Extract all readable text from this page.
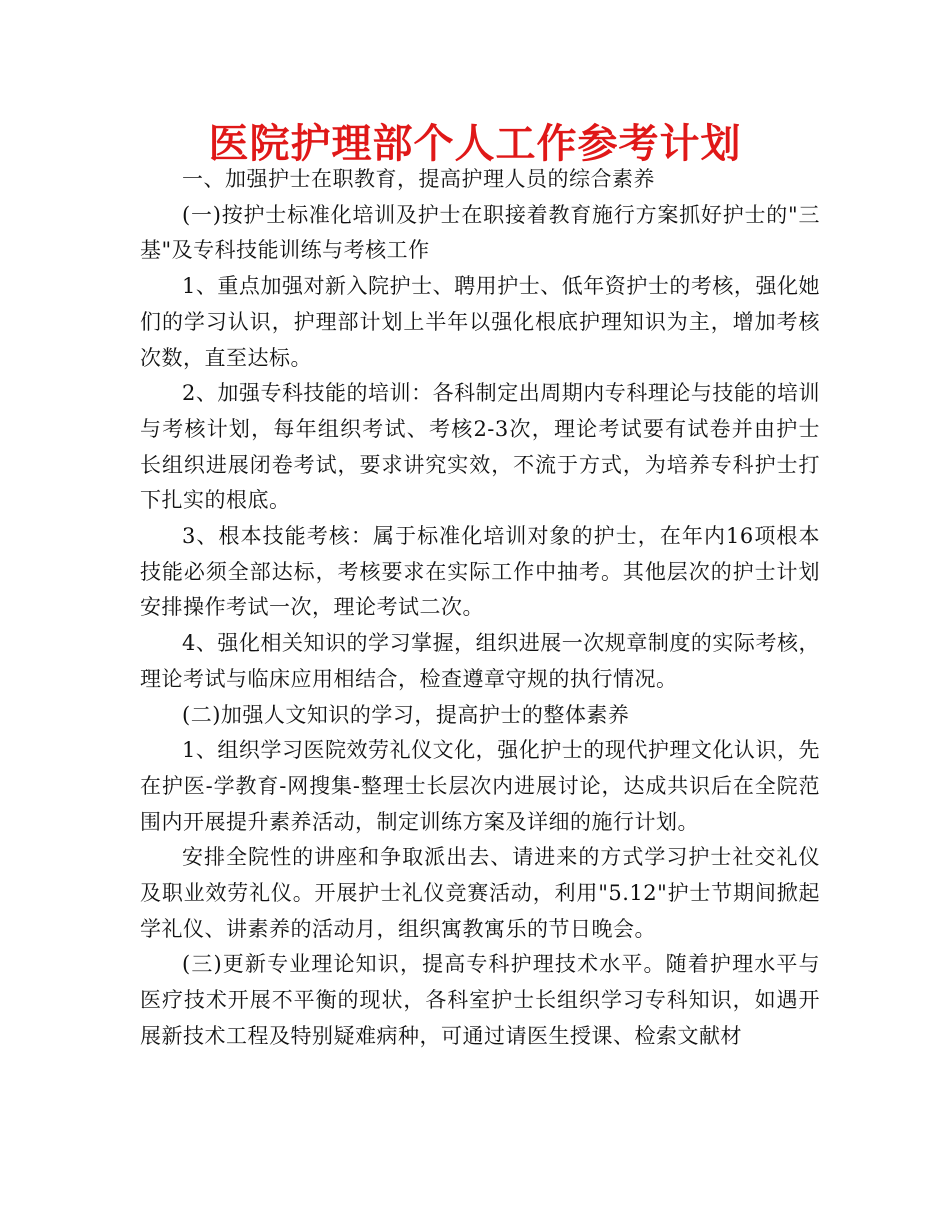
医院护理部个人工作参考计划

一、加强护士在职教育，提高护理人员的综合素养

(一)按护士标准化培训及护士在职接着教育施行方案抓好护士的"三基"及专科技能训练与考核工作

1、重点加强对新入院护士、聘用护士、低年资护士的考核，强化她们的学习认识，护理部计划上半年以强化根底护理知识为主，增加考核次数，直至达标。

2、加强专科技能的培训：各科制定出周期内专科理论与技能的培训与考核计划，每年组织考试、考核2-3次，理论考试要有试卷并由护士长组织进展闭卷考试，要求讲究实效，不流于方式，为培养专科护士打下扎实的根底。

3、根本技能考核：属于标准化培训对象的护士，在年内16项根本技能必须全部达标，考核要求在实际工作中抽考。其他层次的护士计划安排操作考试一次，理论考试二次。

4、强化相关知识的学习掌握，组织进展一次规章制度的实际考核，理论考试与临床应用相结合，检查遵章守规的执行情况。

(二)加强人文知识的学习，提高护士的整体素养

1、组织学习医院效劳礼仪文化，强化护士的现代护理文化认识，先在护医-学教育-网搜集-整理士长层次内进展讨论，达成共识后在全院范围内开展提升素养活动，制定训练方案及详细的施行计划。

安排全院性的讲座和争取派出去、请进来的方式学习护士社交礼仪及职业效劳礼仪。开展护士礼仪竞赛活动，利用"5.12"护士节期间掀起学礼仪、讲素养的活动月，组织寓教寓乐的节日晚会。

(三)更新专业理论知识，提高专科护理技术水平。随着护理水平与医疗技术开展不平衡的现状，各科室护士长组织学习专科知识，如遇开展新技术工程及特别疑难病种，可通过请医生授课、检索文献材
